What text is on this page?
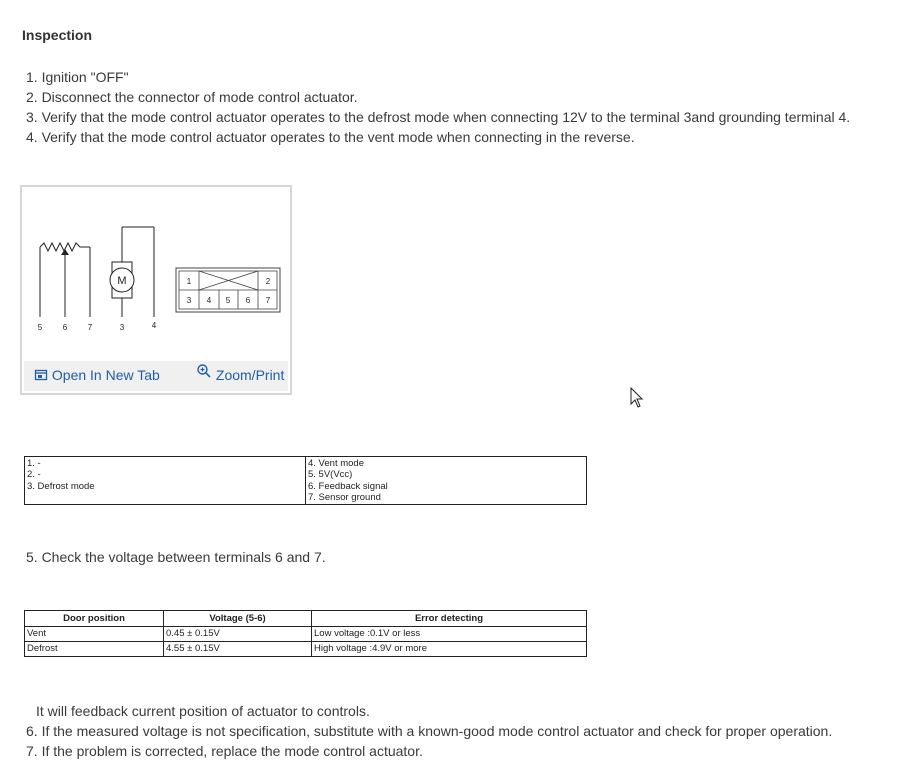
Inspection
1. Ignition "OFF"
2. Disconnect the connector of mode control actuator.
3. Verify that the mode control actuator operates to the defrost mode when connecting 12V to the terminal 3and grounding terminal 4.
4. Verify that the mode control actuator operates to the vent mode when connecting in the reverse.
M
5	6	7	3	4
1	2
3 4 5 6 7
Open In New Tab	Zoom/Print
1. -
2. -
3. Defrost mode

4. Vent mode
5. 5V(Vcc)
6. Feedback signal
7. Sensor ground
5. Check the voltage between terminals 6 and 7.
Door position	Voltage (5-6)	Error detecting
Vent	0.45 ± 0.15V	Low voltage :0.1V or less
Defrost	4.55 ± 0.15V	High voltage :4.9V or more
It will feedback current position of actuator to controls.
6. If the measured voltage is not specification, substitute with a known-good mode control actuator and check for proper operation.
7. If the problem is corrected, replace the mode control actuator.
